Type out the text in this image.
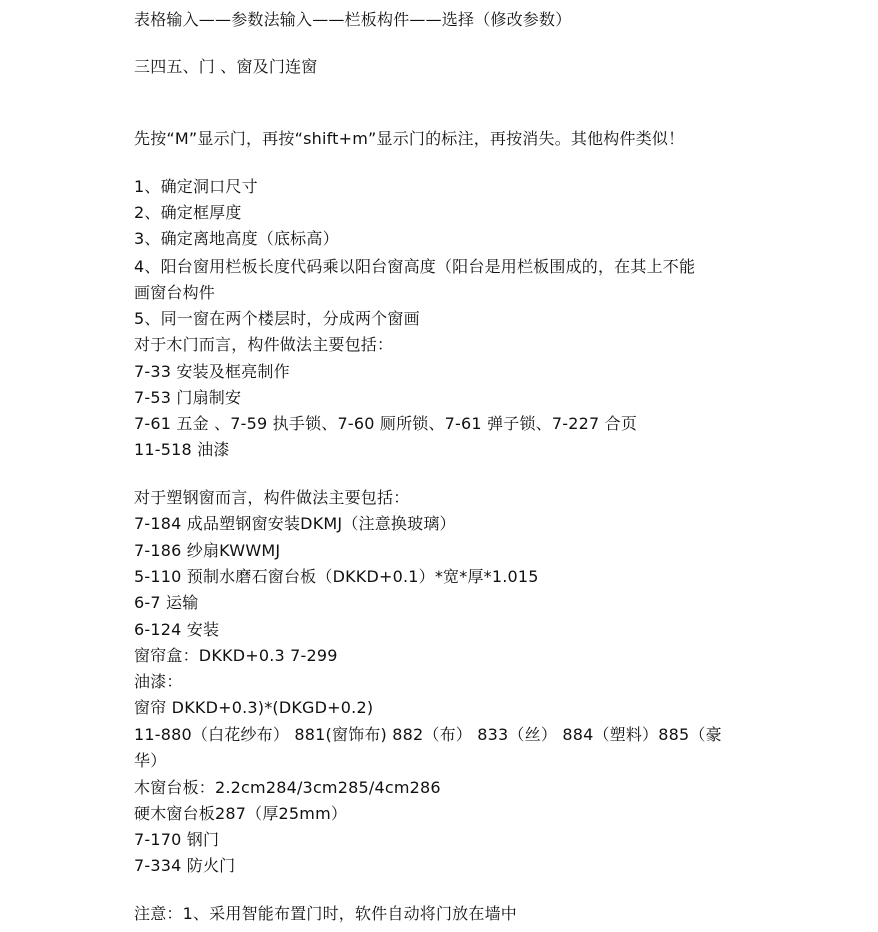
表格输入——参数法输入——栏板构件——选择（修改参数）
三四五、门 、窗及门连窗
先按“M”显示门，再按“shift+m”显示门的标注，再按消失。其他构件类似！
1、确定洞口尺寸
2、确定框厚度
3、确定离地高度（底标高）
4、阳台窗用栏板长度代码乘以阳台窗高度（阳台是用栏板围成的，在其上不能
画窗台构件
5、同一窗在两个楼层时，分成两个窗画
对于木门而言，构件做法主要包括：
7-33 安装及框亮制作
7-53 门扇制安
7-61 五金 、7-59 执手锁、7-60 厕所锁、7-61 弹子锁、7-227 合页
11-518 油漆
对于塑钢窗而言，构件做法主要包括：
7-184 成品塑钢窗安装DKMJ（注意换玻璃）
7-186 纱扇KWWMJ
5-110 预制水磨石窗台板（DKKD+0.1）*宽*厚*1.015
6-7 运输
6-124 安装
窗帘盒：DKKD+0.3 7-299
油漆：
窗帘 DKKD+0.3)*(DKGD+0.2)
11-880（白花纱布） 881(窗饰布) 882（布） 833（丝） 884（塑料）885（豪
华）
木窗台板：2.2cm284/3cm285/4cm286
硬木窗台板287（厚25mm）
7-170 钢门
7-334 防火门
注意：1、采用智能布置门时，软件自动将门放在墙中
